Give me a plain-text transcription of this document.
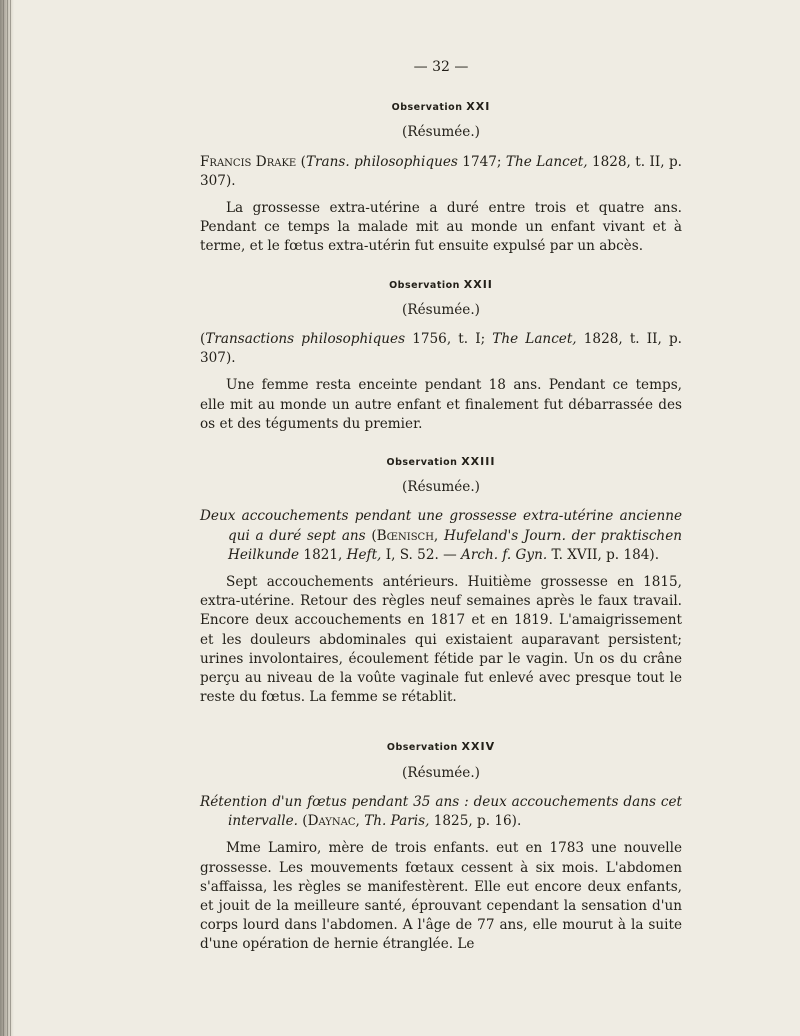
— 32 —
Observation XXI
(Résumée.)
Francis Drake (Trans. philosophiques 1747; The Lancet, 1828, t. II, p. 307).

La grossesse extra-utérine a duré entre trois et quatre ans. Pendant ce temps la malade mit au monde un enfant vivant et à terme, et le fœtus extra-utérin fut ensuite expulsé par un abcès.

Observation XXII
(Résumée.)
(Transactions philosophiques 1756, t. I; The Lancet, 1828, t. II, p. 307).

Une femme resta enceinte pendant 18 ans. Pendant ce temps, elle mit au monde un autre enfant et finalement fut débarrassée des os et des téguments du premier.

Observation XXIII
(Résumée.)
Deux accouchements pendant une grossesse extra-utérine ancienne qui a duré sept ans (Bœnisch, Hufeland's Journ. der praktischen Heilkunde 1821, Heft, I, S. 52. — Arch. f. Gyn. T. XVII, p. 184).

Sept accouchements antérieurs. Huitième grossesse en 1815, extra-utérine. Retour des règles neuf semaines après le faux travail. Encore deux accouchements en 1817 et en 1819. L'amaigrissement et les douleurs abdominales qui existaient auparavant persistent; urines involontaires, écoulement fétide par le vagin. Un os du crâne perçu au niveau de la voûte vaginale fut enlevé avec presque tout le reste du fœtus. La femme se rétablit.

Observation XXIV
(Résumée.)
Rétention d'un fœtus pendant 35 ans : deux accouchements dans cet intervalle. (Daynac, Th. Paris, 1825, p. 16).

Mme Lamiro, mère de trois enfants. eut en 1783 une nouvelle grossesse. Les mouvements fœtaux cessent à six mois. L'abdomen s'affaissa, les règles se manifestèrent. Elle eut encore deux enfants, et jouit de la meilleure santé, éprouvant cependant la sensation d'un corps lourd dans l'abdomen. A l'âge de 77 ans, elle mourut à la suite d'une opération de hernie étranglée. Le
